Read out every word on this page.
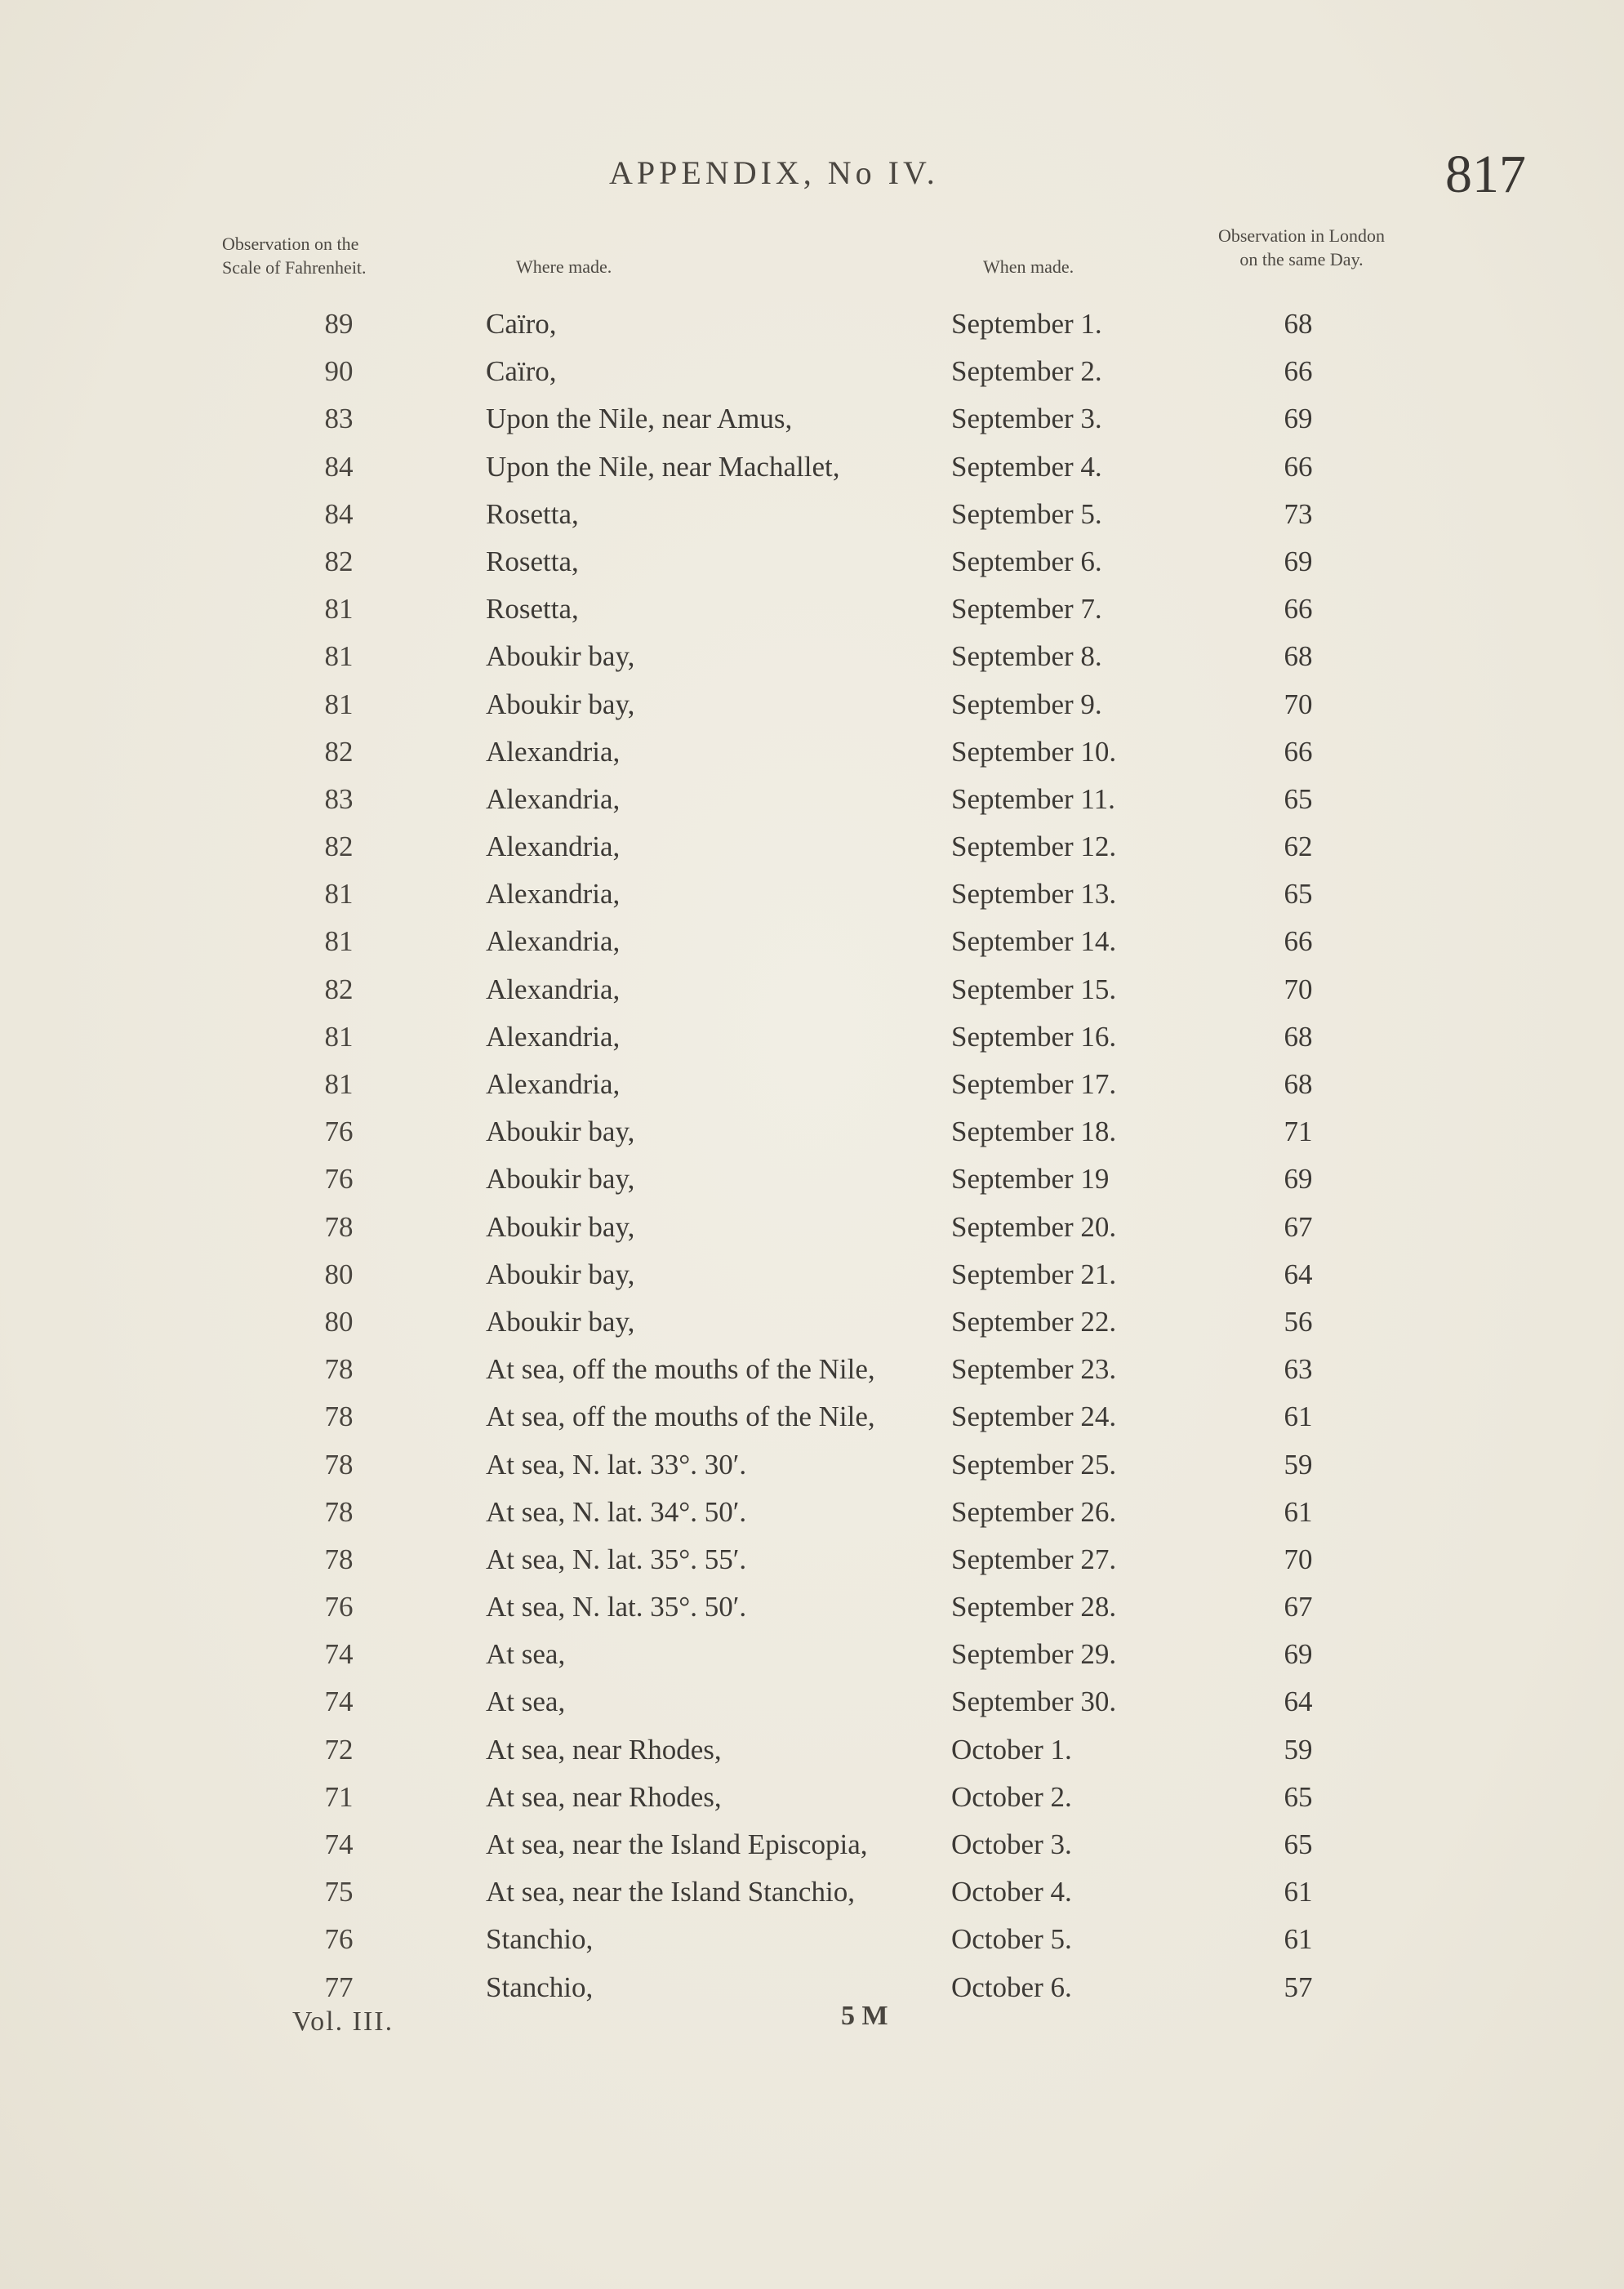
APPENDIX, No IV.	817
Observation on the
Scale of Fahrenheit.	Where made.	When made.
Observation in London
on the same Day.
89	Caïro,	September 1.	68
90	Caïro,	September 2.	66
83	Upon the Nile, near Amus,	September 3.	69
84	Upon the Nile, near Machallet,	September 4.	66
84	Rosetta,	September 5.	73
82	Rosetta,	September 6.	69
81	Rosetta,	September 7.	66
81	Aboukir bay,	September 8.	68
81	Aboukir bay,	September 9.	70
82	Alexandria,	September 10.	66
83	Alexandria,	September 11.	65
82	Alexandria,	September 12.	62
81	Alexandria,	September 13.	65
81	Alexandria,	September 14.	66
82	Alexandria,	September 15.	70
81	Alexandria,	September 16.	68
81	Alexandria,	September 17.	68
76	Aboukir bay,	September 18.	71
76	Aboukir bay,	September 19	69
78	Aboukir bay,	September 20.	67
80	Aboukir bay,	September 21.	64
80	Aboukir bay,	September 22.	56
78	At sea, off the mouths of the Nile,	September 23.	63
78	At sea, off the mouths of the Nile,	September 24.	61
78	At sea, N. lat. 33°. 30′.	September 25.	59
78	At sea, N. lat. 34°. 50′.	September 26.	61
78	At sea, N. lat. 35°. 55′.	September 27.	70
76	At sea, N. lat. 35°. 50′.	September 28.	67
74	At sea,	September 29.	69
74	At sea,	September 30.	64
72	At sea, near Rhodes,	October 1.	59
71	At sea, near Rhodes,	October 2.	65
74	At sea, near the Island Episcopia,	October 3.	65
75	At sea, near the Island Stanchio,	October 4.	61
76	Stanchio,	October 5.	61
77	Stanchio,	October 6.	57
Vol. III.	5 M
